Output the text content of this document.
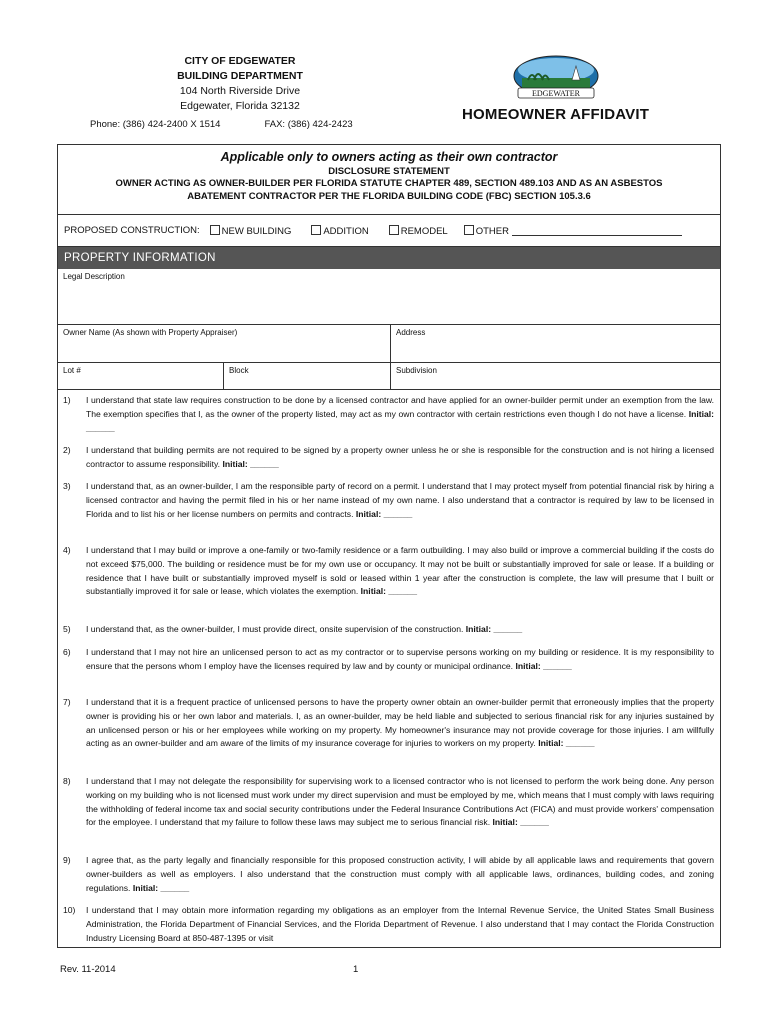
CITY OF EDGEWATER
BUILDING DEPARTMENT
104 North Riverside Drive
Edgewater, Florida 32132
Phone: (386) 424-2400 X 1514	FAX: (386) 424-2423
EDGEWATER
HOMEOWNER AFFIDAVIT
Applicable only to owners acting as their own contractor
DISCLOSURE STATEMENT
OWNER ACTING AS OWNER-BUILDER PER FLORIDA STATUTE CHAPTER 489, SECTION 489.103 AND AS AN ASBESTOS
ABATEMENT CONTRACTOR PER THE FLORIDA BUILDING CODE (FBC) SECTION 105.3.6
PROPOSED CONSTRUCTION:	NEW BUILDING	ADDITION	REMODEL	OTHER
PROPERTY INFORMATION
Legal Description
Owner Name (As shown with Property Appraiser)	Address
Lot #	Block	Subdivision
1)	I understand that state law requires construction to be done by a licensed contractor and have applied for an owner-builder permit under an exemption from the law. The exemption specifies that I, as the owner of the property listed, may act as my own contractor with certain restrictions even though I do not have a license. Initial: ______
2)	I understand that building permits are not required to be signed by a property owner unless he or she is responsible for the construction and is not hiring a licensed contractor to assume responsibility. Initial: ______
3)	I understand that, as an owner-builder, I am the responsible party of record on a permit. I understand that I may protect myself from potential financial risk by hiring a licensed contractor and having the permit filed in his or her name instead of my own name. I also understand that a contractor is required by law to be licensed in Florida and to list his or her license numbers on permits and contracts. Initial: ______
4)	I understand that I may build or improve a one-family or two-family residence or a farm outbuilding. I may also build or improve a commercial building if the costs do not exceed $75,000. The building or residence must be for my own use or occupancy. It may not be built or substantially improved for sale or lease. If a building or residence that I have built or substantially improved myself is sold or leased within 1 year after the construction is complete, the law will presume that I built or substantially improved it for sale or lease, which violates the exemption. Initial: ______
5)	I understand that, as the owner-builder, I must provide direct, onsite supervision of the construction. Initial: ______
6)	I understand that I may not hire an unlicensed person to act as my contractor or to supervise persons working on my building or residence. It is my responsibility to ensure that the persons whom I employ have the licenses required by law and by county or municipal ordinance. Initial: ______
7)	I understand that it is a frequent practice of unlicensed persons to have the property owner obtain an owner-builder permit that erroneously implies that the property owner is providing his or her own labor and materials. I, as an owner-builder, may be held liable and subjected to serious financial risk for any injuries sustained by an unlicensed person or his or her employees while working on my property. My homeowner's insurance may not provide coverage for those injuries. I am willfully acting as an owner-builder and am aware of the limits of my insurance coverage for injuries to workers on my property. Initial: ______
8)	I understand that I may not delegate the responsibility for supervising work to a licensed contractor who is not licensed to perform the work being done. Any person working on my building who is not licensed must work under my direct supervision and must be employed by me, which means that I must comply with laws requiring the withholding of federal income tax and social security contributions under the Federal Insurance Contributions Act (FICA) and must provide workers' compensation for the employee. I understand that my failure to follow these laws may subject me to serious financial risk. Initial: ______
9)	I agree that, as the party legally and financially responsible for this proposed construction activity, I will abide by all applicable laws and requirements that govern owner-builders as well as employers. I also understand that the construction must comply with all applicable laws, ordinances, building codes, and zoning regulations. Initial: ______
10)	I understand that I may obtain more information regarding my obligations as an employer from the Internal Revenue Service, the United States Small Business Administration, the Florida Department of Financial Services, and the Florida Department of Revenue. I also understand that I may contact the Florida Construction Industry Licensing Board at 850-487-1395 or visit
Rev. 11-2014	1
